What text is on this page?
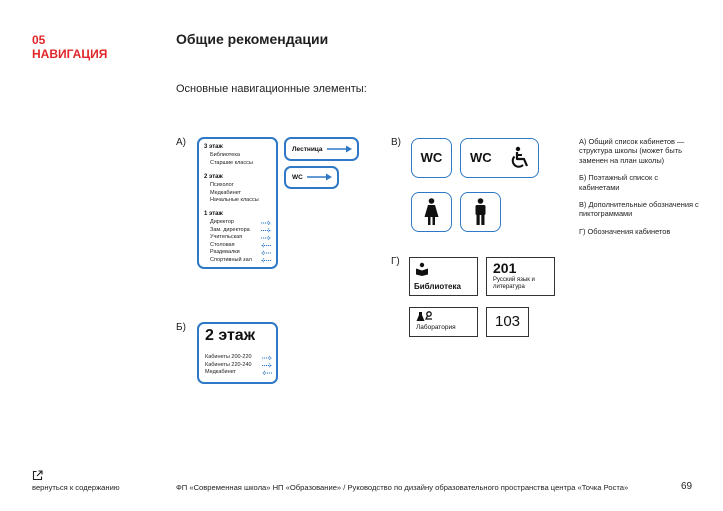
05
НАВИГАЦИЯ
Общие рекомендации
Основные навигационные элементы:
А)
Б)
В)
Г)
3 этаж
Библиотека
Старшие классы
2 этаж
Психолог
Медкабинет
Начальные классы
1 этаж
Директор
Зам. директора
Учительская
Столовая
Раздевалки
Спортивный зал
Лестница
WC
2 этаж
Кабинеты 200-220
Кабинеты 220-240
Медкабинет
WC	WC
Библиотека
201
Русский язык и литература
Лаборатория	103

А) Общий список кабинетов — структура школы (может быть заменен на план школы)

Б) Поэтажный список с кабинетами

В) Дополнительные обозначения с пиктограммами

Г) Обозначения кабинетов

вернуться к содержанию	ФП «Современная школа» НП «Образование» / Руководство по дизайну образовательного пространства центра «Точка Роста»	69
